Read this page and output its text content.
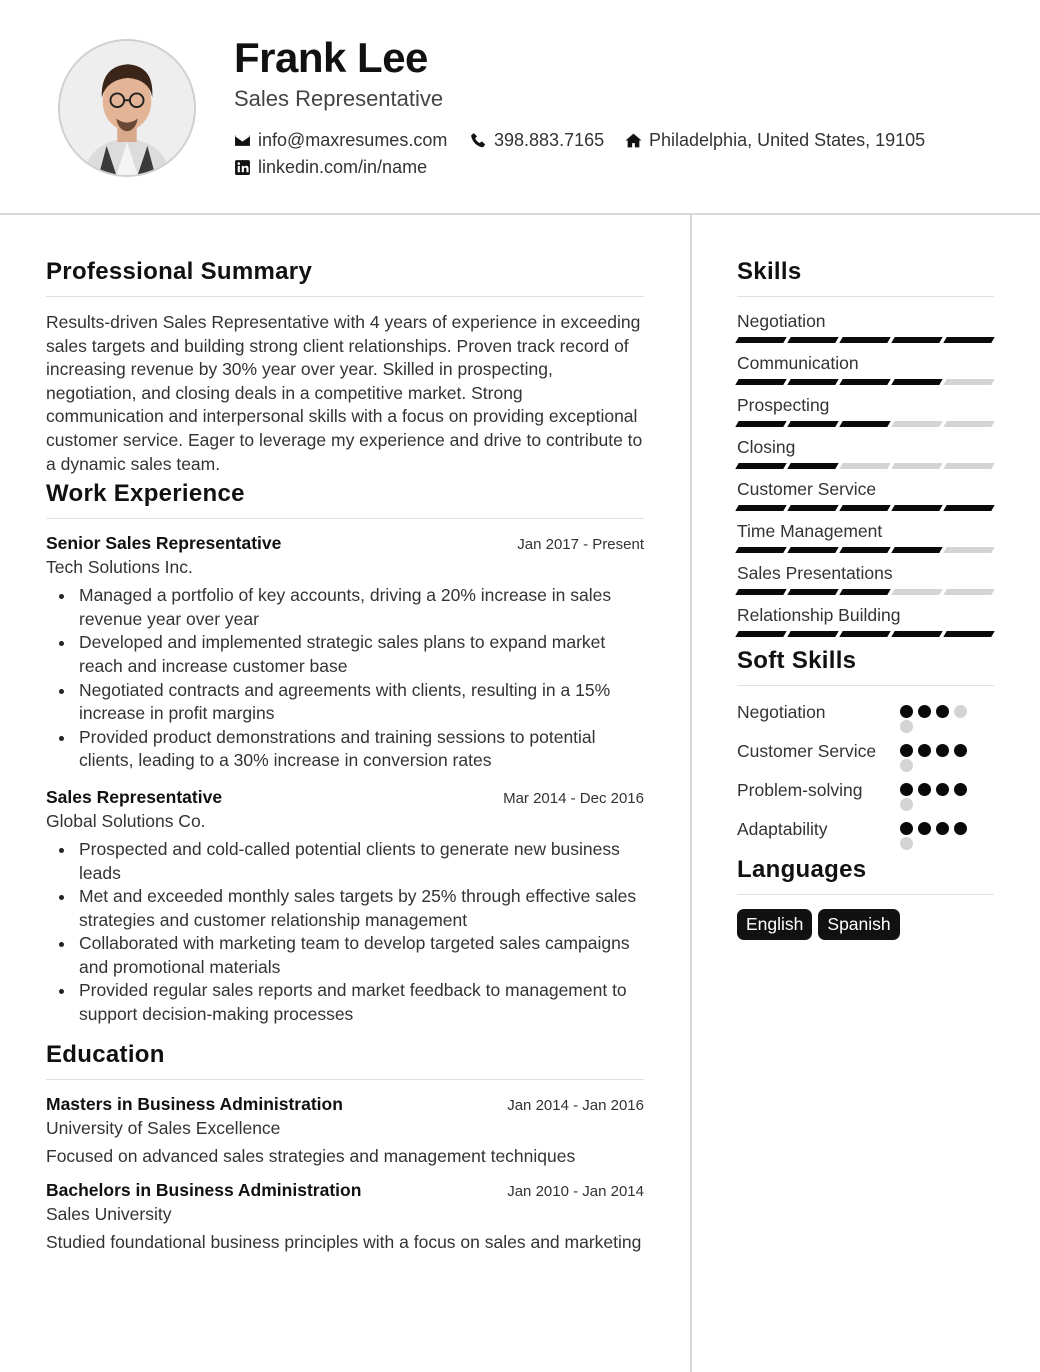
Frank Lee
Sales Representative
info@maxresumes.com	398.883.7165 Philadelphia, United States, 19105
linkedin.com/in/name
Professional Summary
Results-driven Sales Representative with 4 years of experience in exceeding sales targets and building strong client relationships. Proven track record of increasing revenue by 30% year over year. Skilled in prospecting, negotiation, and closing deals in a competitive market. Strong communication and interpersonal skills with a focus on providing exceptional customer service. Eager to leverage my experience and drive to contribute to a dynamic sales team.
Work Experience
Senior Sales Representative	Jan 2017 - Present
Tech Solutions Inc.
Managed a portfolio of key accounts, driving a 20% increase in sales revenue year over year
Developed and implemented strategic sales plans to expand market reach and increase customer base
Negotiated contracts and agreements with clients, resulting in a 15% increase in profit margins
Provided product demonstrations and training sessions to potential clients, leading to a 30% increase in conversion rates
Sales Representative	Mar 2014 - Dec 2016
Global Solutions Co.
Prospected and cold-called potential clients to generate new business leads
Met and exceeded monthly sales targets by 25% through effective sales strategies and customer relationship management
Collaborated with marketing team to develop targeted sales campaigns and promotional materials
Provided regular sales reports and market feedback to management to support decision-making processes
Education
Masters in Business Administration	Jan 2014 - Jan 2016
University of Sales Excellence
Focused on advanced sales strategies and management techniques
Bachelors in Business Administration	Jan 2010 - Jan 2014
Sales University
Studied foundational business principles with a focus on sales and marketing
Skills
Negotiation
Communication
Prospecting
Closing
Customer Service
Time Management
Sales Presentations
Relationship Building
Soft Skills
Negotiation
Customer Service
Problem-solving
Adaptability
Languages
English	Spanish
